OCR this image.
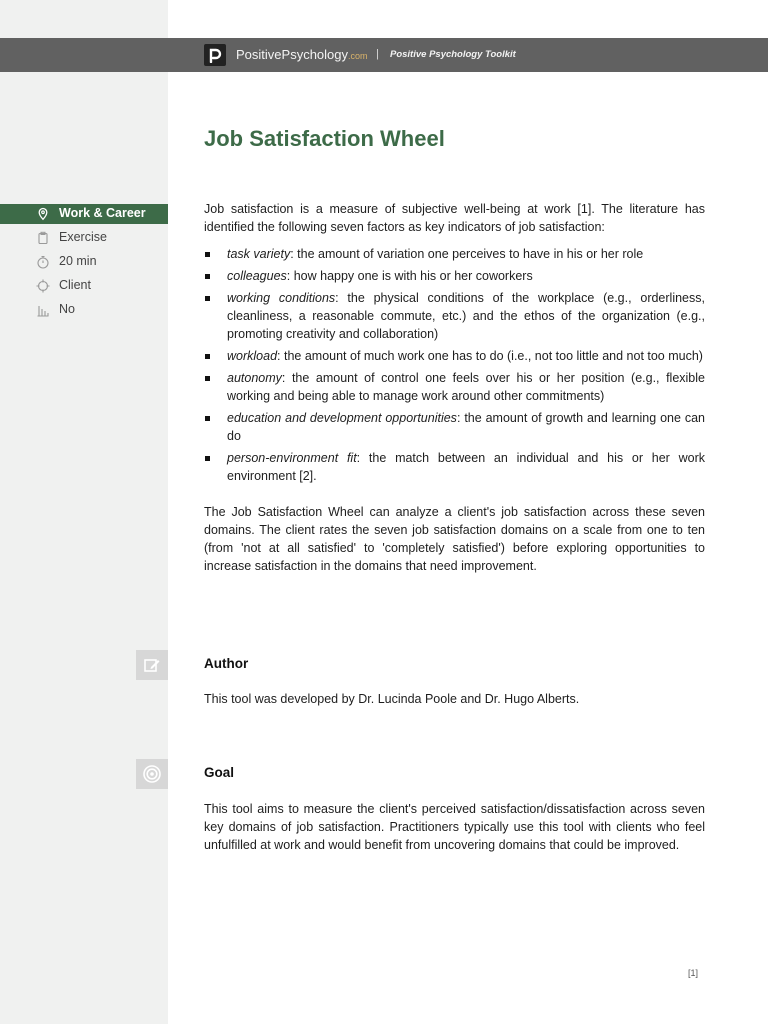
PositivePsychology.com | Positive Psychology Toolkit
Job Satisfaction Wheel
Work & Career
Exercise
20 min
Client
No

Job satisfaction is a measure of subjective well-being at work [1]. The literature has identified the following seven factors as key indicators of job satisfaction:

task variety: the amount of variation one perceives to have in his or her role
colleagues: how happy one is with his or her coworkers
working conditions: the physical conditions of the workplace (e.g., orderliness, cleanliness, a reasonable commute, etc.) and the ethos of the organization (e.g., promoting creativity and collaboration)
workload: the amount of much work one has to do (i.e., not too little and not too much)
autonomy: the amount of control one feels over his or her position (e.g., flexible working and being able to manage work around other commitments)
education and development opportunities: the amount of growth and learning one can do
person-environment fit: the match between an individual and his or her work environment [2].

The Job Satisfaction Wheel can analyze a client's job satisfaction across these seven domains. The client rates the seven job satisfaction domains on a scale from one to ten (from 'not at all satisfied' to 'completely satisfied') before exploring opportunities to increase satisfaction in the domains that need improvement.

Author

This tool was developed by Dr. Lucinda Poole and Dr. Hugo Alberts.

Goal

This tool aims to measure the client's perceived satisfaction/dissatisfaction across seven key domains of job satisfaction. Practitioners typically use this tool with clients who feel unfulfilled at work and would benefit from uncovering domains that could be improved.

[1]
